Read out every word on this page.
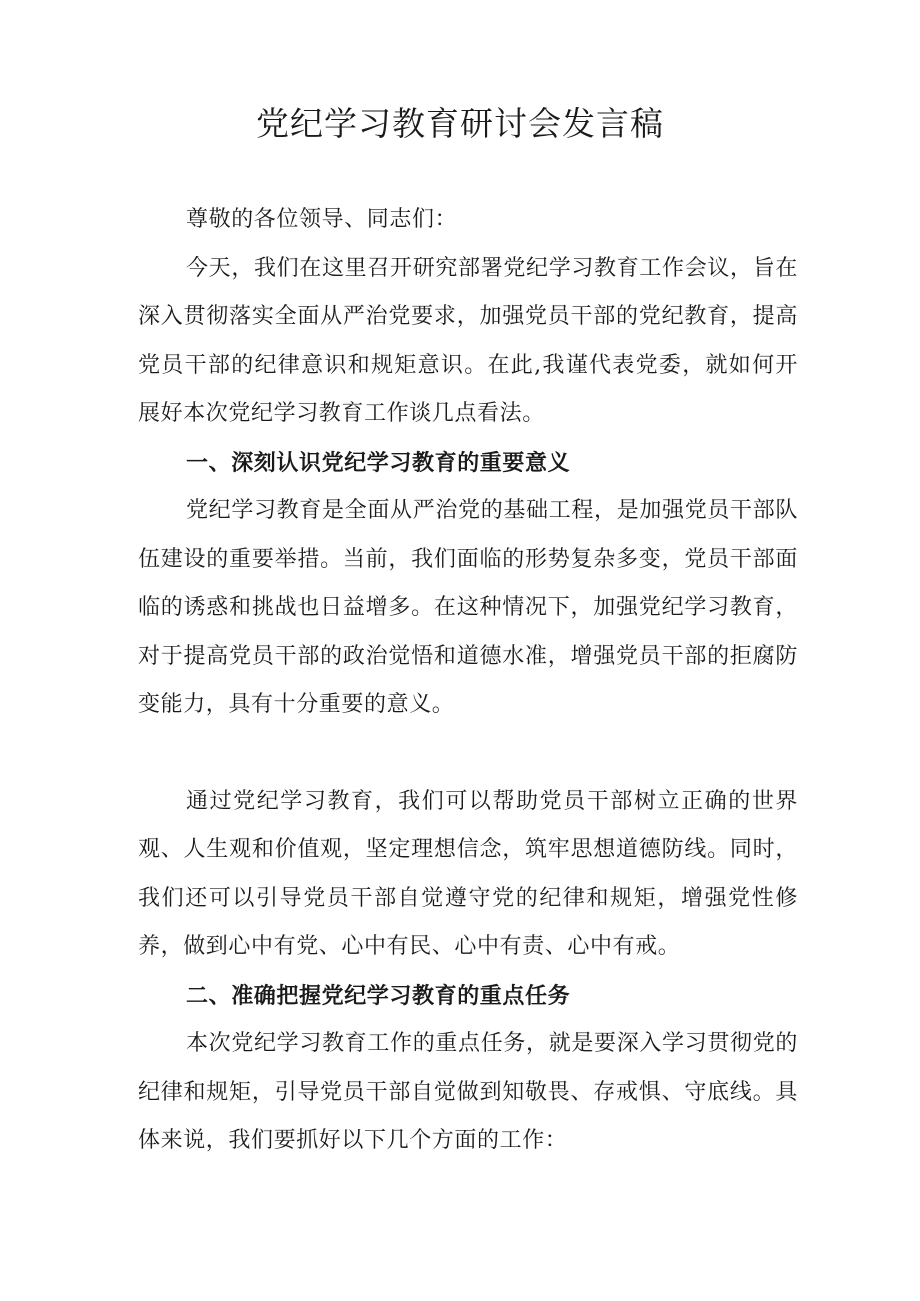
党纪学习教育研讨会发言稿

尊敬的各位领导、同志们：

今天，我们在这里召开研究部署党纪学习教育工作会议，旨在深入贯彻落实全面从严治党要求，加强党员干部的党纪教育，提高党员干部的纪律意识和规矩意识。在此,我谨代表党委，就如何开展好本次党纪学习教育工作谈几点看法。

一、深刻认识党纪学习教育的重要意义

党纪学习教育是全面从严治党的基础工程，是加强党员干部队伍建设的重要举措。当前，我们面临的形势复杂多变，党员干部面临的诱惑和挑战也日益增多。在这种情况下，加强党纪学习教育，对于提高党员干部的政治觉悟和道德水准，增强党员干部的拒腐防变能力，具有十分重要的意义。

通过党纪学习教育，我们可以帮助党员干部树立正确的世界观、人生观和价值观，坚定理想信念，筑牢思想道德防线。同时，我们还可以引导党员干部自觉遵守党的纪律和规矩，增强党性修养，做到心中有党、心中有民、心中有责、心中有戒。

二、准确把握党纪学习教育的重点任务

本次党纪学习教育工作的重点任务，就是要深入学习贯彻党的纪律和规矩，引导党员干部自觉做到知敬畏、存戒惧、守底线。具体来说，我们要抓好以下几个方面的工作：
